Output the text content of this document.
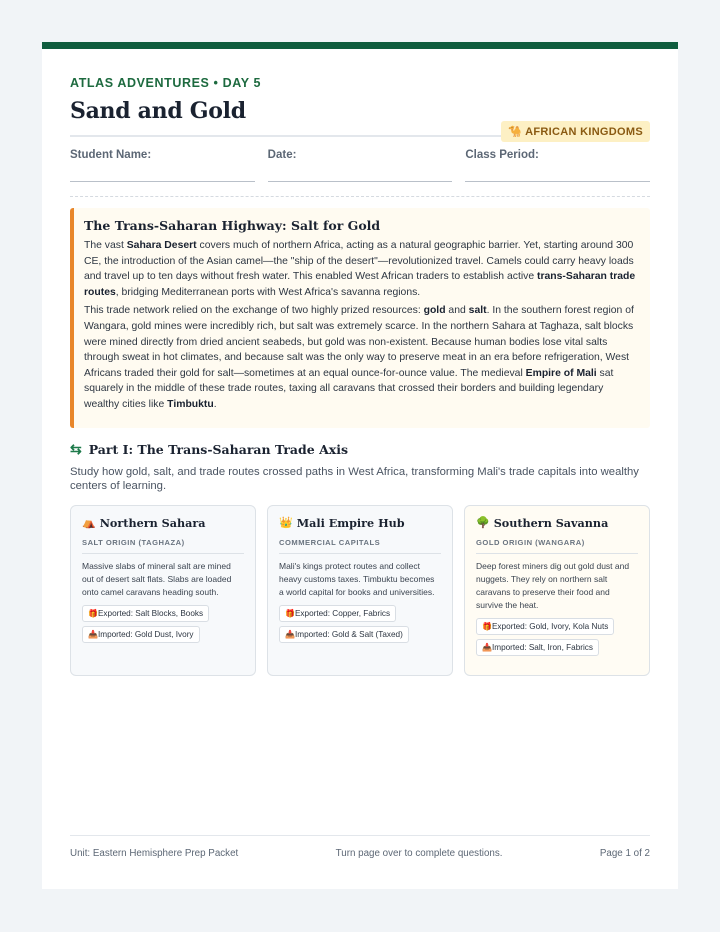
ATLAS ADVENTURES • DAY 5
Sand and Gold
🐪 AFRICAN KINGDOMS
Student Name:	Date:	Class Period:
The Trans-Saharan Highway: Salt for Gold

The vast Sahara Desert covers much of northern Africa, acting as a natural geographic barrier. Yet, starting around 300 CE, the introduction of the Asian camel—the "ship of the desert"—revolutionized travel. Camels could carry heavy loads and travel up to ten days without fresh water. This enabled West African traders to establish active trans-Saharan trade routes, bridging Mediterranean ports with West Africa's savanna regions.

This trade network relied on the exchange of two highly prized resources: gold and salt. In the southern forest region of Wangara, gold mines were incredibly rich, but salt was extremely scarce. In the northern Sahara at Taghaza, salt blocks were mined directly from dried ancient seabeds, but gold was non-existent. Because human bodies lose vital salts through sweat in hot climates, and because salt was the only way to preserve meat in an era before refrigeration, West Africans traded their gold for salt—sometimes at an equal ounce-for-ounce value. The medieval Empire of Mali sat squarely in the middle of these trade routes, taxing all caravans that crossed their borders and building legendary wealthy cities like Timbuktu.

⇆ Part I: The Trans-Saharan Trade Axis
Study how gold, salt, and trade routes crossed paths in West Africa, transforming Mali's trade capitals into wealthy centers of learning.
⛺ Northern Sahara
SALT ORIGIN (TAGHAZA)
Massive slabs of mineral salt are mined out of desert salt flats. Slabs are loaded onto camel caravans heading south.
🎁Exported: Salt Blocks, Books
📥Imported: Gold Dust, Ivory
👑 Mali Empire Hub
COMMERCIAL CAPITALS
Mali's kings protect routes and collect heavy customs taxes. Timbuktu becomes a world capital for books and universities.
🎁Exported: Copper, Fabrics
📥Imported: Gold & Salt (Taxed)
🌳 Southern Savanna
GOLD ORIGIN (WANGARA)
Deep forest miners dig out gold dust and nuggets. They rely on northern salt caravans to preserve their food and survive the heat.
🎁Exported: Gold, Ivory, Kola Nuts
📥Imported: Salt, Iron, Fabrics
Unit: Eastern Hemisphere Prep Packet	Turn page over to complete questions.	Page 1 of 2
